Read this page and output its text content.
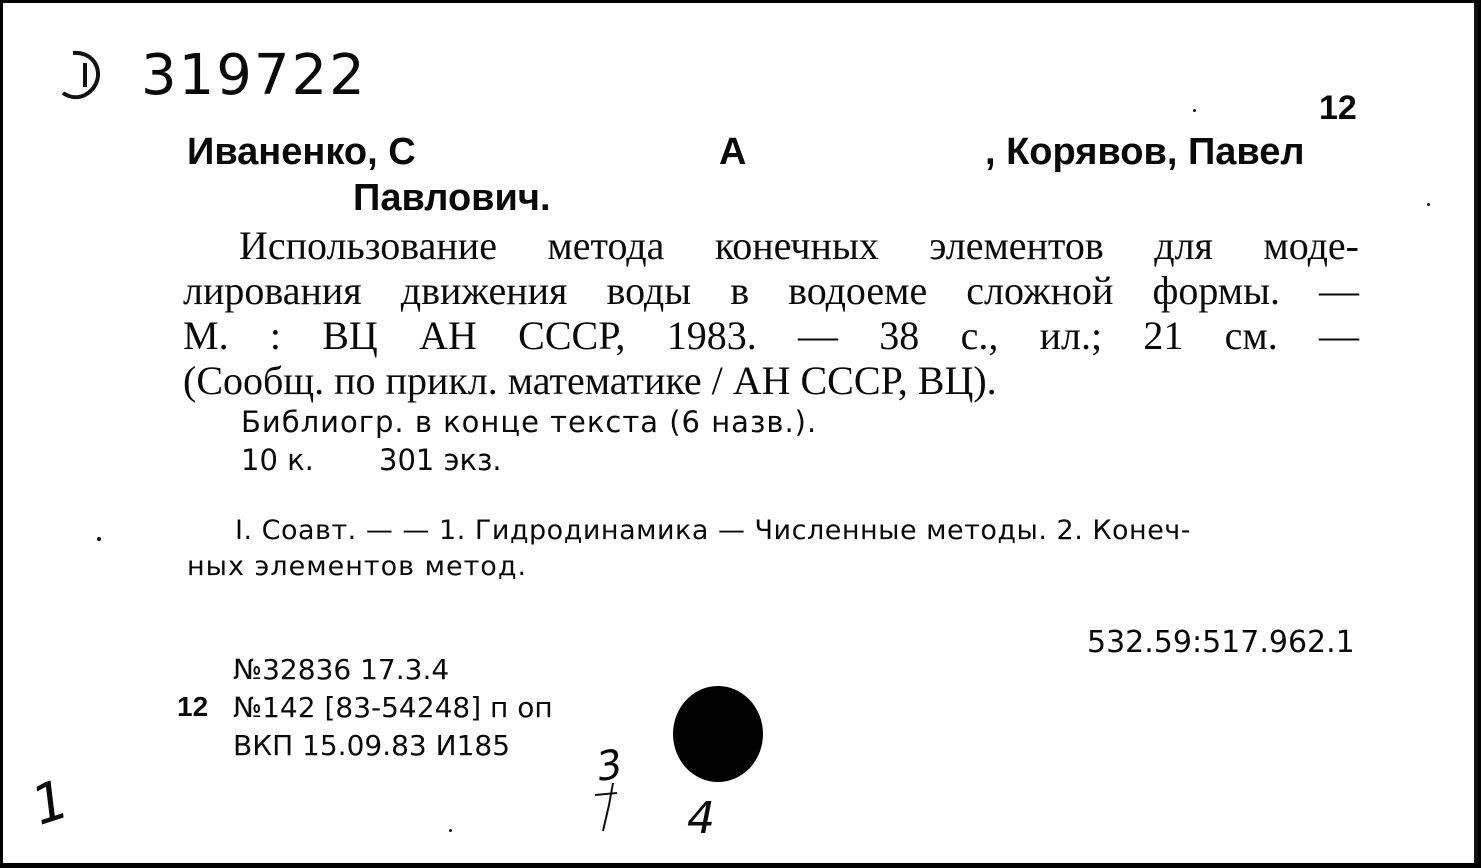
319722	12
Иваненко, С	А	, Корявов, Павел
Павлович.
Использование метода конечных элементов для моде-
лирования движения воды в водоеме сложной формы. —
М. : ВЦ АН СССР, 1983. — 38 с., ил.; 21 см. —
(Сообщ. по прикл. математике / АН СССР, ВЦ).
Библиогр. в конце текста (6 назв.).
10 к. 301 экз.
I. Соавт. — — 1. Гидродинамика — Численные методы. 2. Конеч-
ных элементов метод.
532.59:517.962.1
№32836 17.3.4
12 №142 [83-54248] п оп
ВКП 15.09.83 И185
1
3
4
